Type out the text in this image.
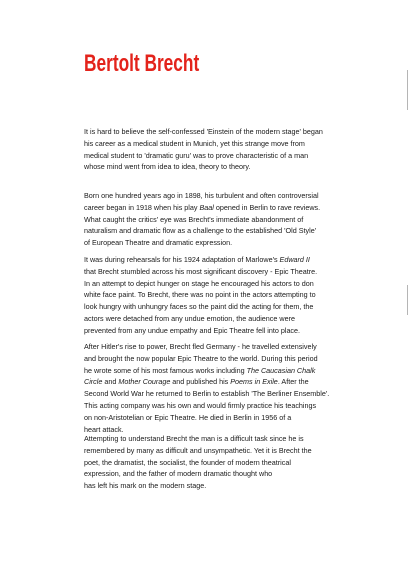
Bertolt Brecht

It is hard to believe the self-confessed 'Einstein of the modern stage' began
his career as a medical student in Munich, yet this strange move from
medical student to 'dramatic guru' was to prove characteristic of a man
whose mind went from idea to idea, theory to theory.

Born one hundred years ago in 1898, his turbulent and often controversial
career began in 1918 when his play Baal opened in Berlin to rave reviews.
What caught the critics' eye was Brecht's immediate abandonment of
naturalism and dramatic flow as a challenge to the established 'Old Style'
of European Theatre and dramatic expression.

It was during rehearsals for his 1924 adaptation of Marlowe's Edward II
that Brecht stumbled across his most significant discovery - Epic Theatre.
In an attempt to depict hunger on stage he encouraged his actors to don
white face paint. To Brecht, there was no point in the actors attempting to
look hungry with unhungry faces so the paint did the acting for them, the
actors were detached from any undue emotion, the audience were
prevented from any undue empathy and Epic Theatre fell into place.

After Hitler's rise to power, Brecht fled Germany - he travelled extensively
and brought the now popular Epic Theatre to the world. During this period
he wrote some of his most famous works including The Caucasian Chalk
Circle and Mother Courage and published his Poems in Exile. After the
Second World War he returned to Berlin to establish 'The Berliner Ensemble'.
This acting company was his own and would firmly practice his teachings
on non-Aristotelian or Epic Theatre. He died in Berlin in 1956 of a
heart attack.

Attempting to understand Brecht the man is a difficult task since he is
remembered by many as difficult and unsympathetic. Yet it is Brecht the
poet, the dramatist, the socialist, the founder of modern theatrical
expression, and the father of modern dramatic thought who
has left his mark on the modern stage.
